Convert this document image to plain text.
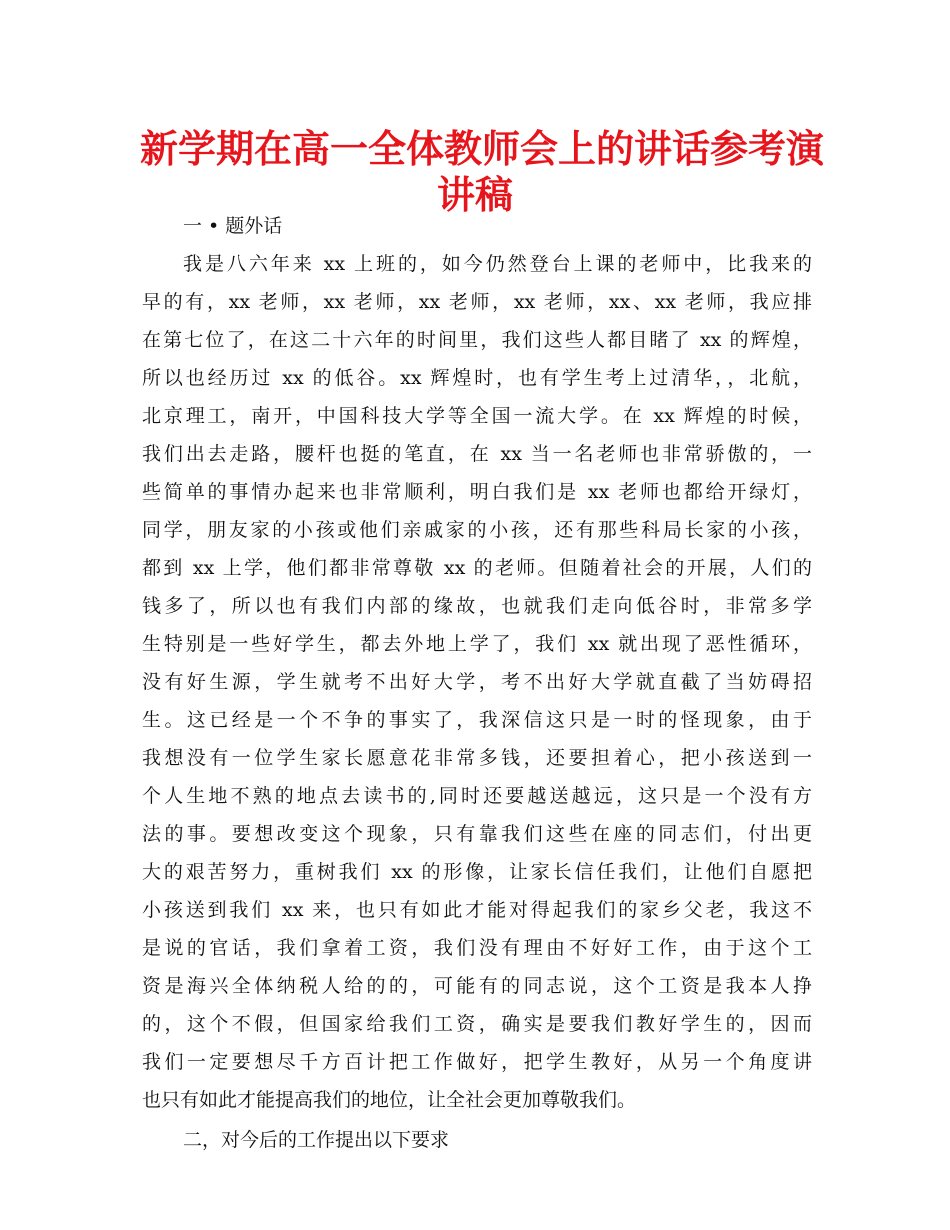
新学期在高一全体教师会上的讲话参考演
讲稿
一 • 题外话
我是八六年来 xx 上班的，如今仍然登台上课的老师中，比我来的
早的有，xx 老师，xx 老师，xx 老师，xx 老师，xx、xx 老师，我应排
在第七位了，在这二十六年的时间里，我们这些人都目睹了 xx 的辉煌，
所以也经历过 xx 的低谷。xx 辉煌时，也有学生考上过清华，，北航，
北京理工，南开，中国科技大学等全国一流大学。在 xx 辉煌的时候，
我们出去走路，腰杆也挺的笔直，在 xx 当一名老师也非常骄傲的，一
些简单的事情办起来也非常顺利，明白我们是 xx 老师也都给开绿灯，
同学，朋友家的小孩或他们亲戚家的小孩，还有那些科局长家的小孩，
都到 xx 上学，他们都非常尊敬 xx 的老师。但随着社会的开展，人们的
钱多了，所以也有我们内部的缘故，也就我们走向低谷时，非常多学
生特别是一些好学生，都去外地上学了，我们 xx 就出现了恶性循环，
没有好生源，学生就考不出好大学，考不出好大学就直截了当妨碍招
生。这已经是一个不争的事实了，我深信这只是一时的怪现象，由于
我想没有一位学生家长愿意花非常多钱，还要担着心，把小孩送到一
个人生地不熟的地点去读书的,同时还要越送越远，这只是一个没有方
法的事。要想改变这个现象，只有靠我们这些在座的同志们，付出更
大的艰苦努力，重树我们 xx 的形像，让家长信任我们，让他们自愿把
小孩送到我们 xx 来，也只有如此才能对得起我们的家乡父老，我这不
是说的官话，我们拿着工资，我们没有理由不好好工作，由于这个工
资是海兴全体纳税人给的的，可能有的同志说，这个工资是我本人挣
的，这个不假，但国家给我们工资，确实是要我们教好学生的，因而
我们一定要想尽千方百计把工作做好，把学生教好，从另一个角度讲
也只有如此才能提高我们的地位，让全社会更加尊敬我们。
二，对今后的工作提出以下要求
